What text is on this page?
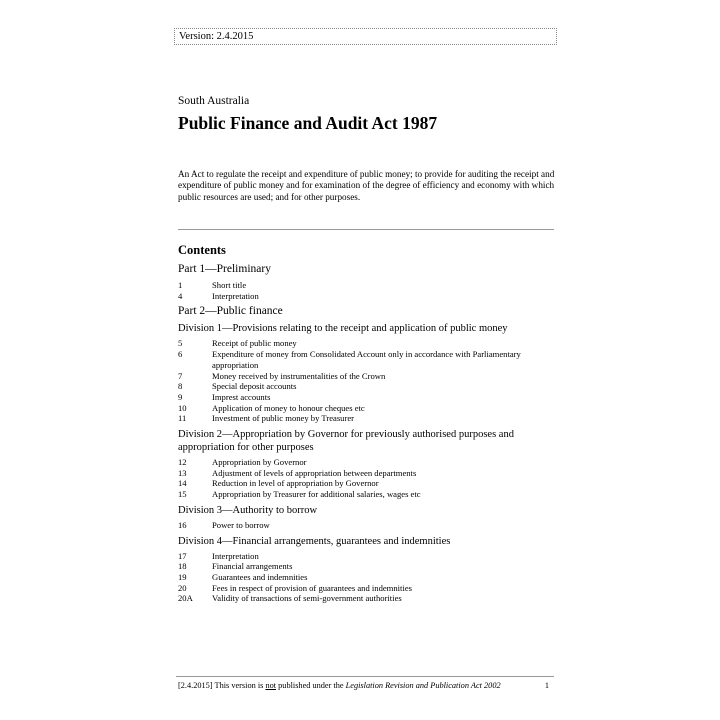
Version: 2.4.2015
South Australia
Public Finance and Audit Act 1987

An Act to regulate the receipt and expenditure of public money; to provide for auditing the receipt and expenditure of public money and for examination of the degree of efficiency and economy with which public resources are used; and for other purposes.

Contents
Part 1—Preliminary
1	Short title
4	Interpretation
Part 2—Public finance
Division 1—Provisions relating to the receipt and application of public money
5	Receipt of public money
6	Expenditure of money from Consolidated Account only in accordance with Parliamentary appropriation
7	Money received by instrumentalities of the Crown
8	Special deposit accounts
9	Imprest accounts
10	Application of money to honour cheques etc
11	Investment of public money by Treasurer
Division 2—Appropriation by Governor for previously authorised purposes and appropriation for other purposes
12	Appropriation by Governor
13	Adjustment of levels of appropriation between departments
14	Reduction in level of appropriation by Governor
15	Appropriation by Treasurer for additional salaries, wages etc
Division 3—Authority to borrow
16	Power to borrow
Division 4—Financial arrangements, guarantees and indemnities
17	Interpretation
18	Financial arrangements
19	Guarantees and indemnities
20	Fees in respect of provision of guarantees and indemnities
20A	Validity of transactions of semi-government authorities
[2.4.2015] This version is not published under the Legislation Revision and Publication Act 2002	1
